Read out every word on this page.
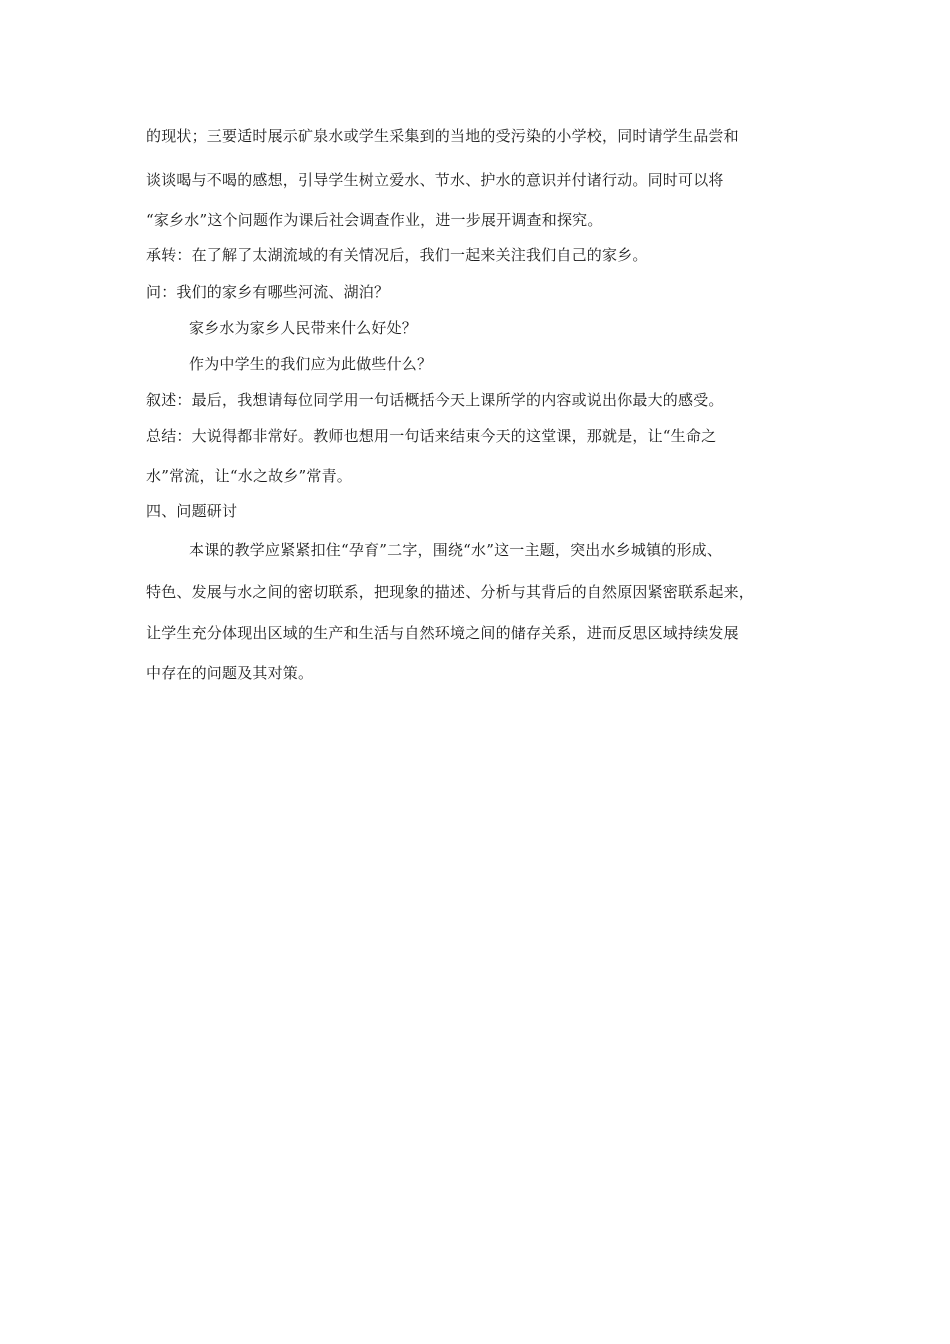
的现状；三要适时展示矿泉水或学生采集到的当地的受污染的小学校，同时请学生品尝和
谈谈喝与不喝的感想，引导学生树立爱水、节水、护水的意识并付诸行动。同时可以将
“家乡水”这个问题作为课后社会调查作业，进一步展开调查和探究。
承转：在了解了太湖流域的有关情况后，我们一起来关注我们自己的家乡。
问：我们的家乡有哪些河流、湖泊？
家乡水为家乡人民带来什么好处？
作为中学生的我们应为此做些什么？
叙述：最后，我想请每位同学用一句话概括今天上课所学的内容或说出你最大的感受。
总结：大说得都非常好。教师也想用一句话来结束今天的这堂课，那就是，让“生命之
水”常流，让“水之故乡”常青。
四、问题研讨
本课的教学应紧紧扣住“孕育”二字，围绕“水”这一主题，突出水乡城镇的形成、
特色、发展与水之间的密切联系，把现象的描述、分析与其背后的自然原因紧密联系起来，
让学生充分体现出区域的生产和生活与自然环境之间的储存关系，进而反思区域持续发展
中存在的问题及其对策。
